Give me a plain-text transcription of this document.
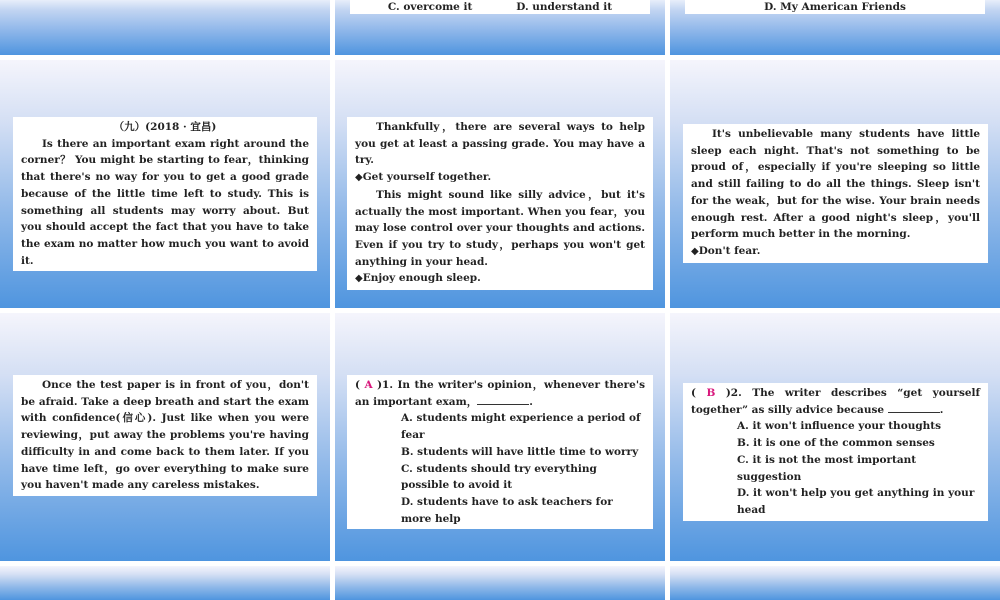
C. overcome it            D. understand it	D. My American Friends

（九）(2018 · 宜昌)

Is there an important exam right around the corner？ You might be starting to fear，thinking that there's no way for you to get a good grade because of the little time left to study. This is something all students may worry about. But you should accept the fact that you have to take the exam no matter how much you want to avoid it.

Thankfully，there are several ways to help you get at least a passing grade. You may have a try.

◆Get yourself together.

This might sound like silly advice，but it's actually the most important. When you fear，you may lose control over your thoughts and actions. Even if you try to study，perhaps you won't get anything in your head.

◆Enjoy enough sleep.

It's unbelievable many students have little sleep each night. That's not something to be proud of，especially if you're sleeping so little and still failing to do all the things. Sleep isn't for the weak，but for the wise. Your brain needs enough rest. After a good night's sleep，you'll perform much better in the morning.

◆Don't fear.

Once the test paper is in front of you，don't be afraid. Take a deep breath and start the exam with confidence(信心). Just like when you were reviewing，put away the problems you're having difficulty in and come back to them later. If you have time left，go over everything to make sure you haven't made any careless mistakes.

( A )1. In the writer's opinion，whenever there's an important exam，	.

A. students might experience a period of fear
B. students will have little time to worry
C. students should try everything possible to avoid it
D. students have to ask teachers for more help

( B )2. The writer describes “get yourself together” as silly advice because	.

A. it won't influence your thoughts
B. it is one of the common senses
C. it is not the most important suggestion
D. it won't help you get anything in your head
